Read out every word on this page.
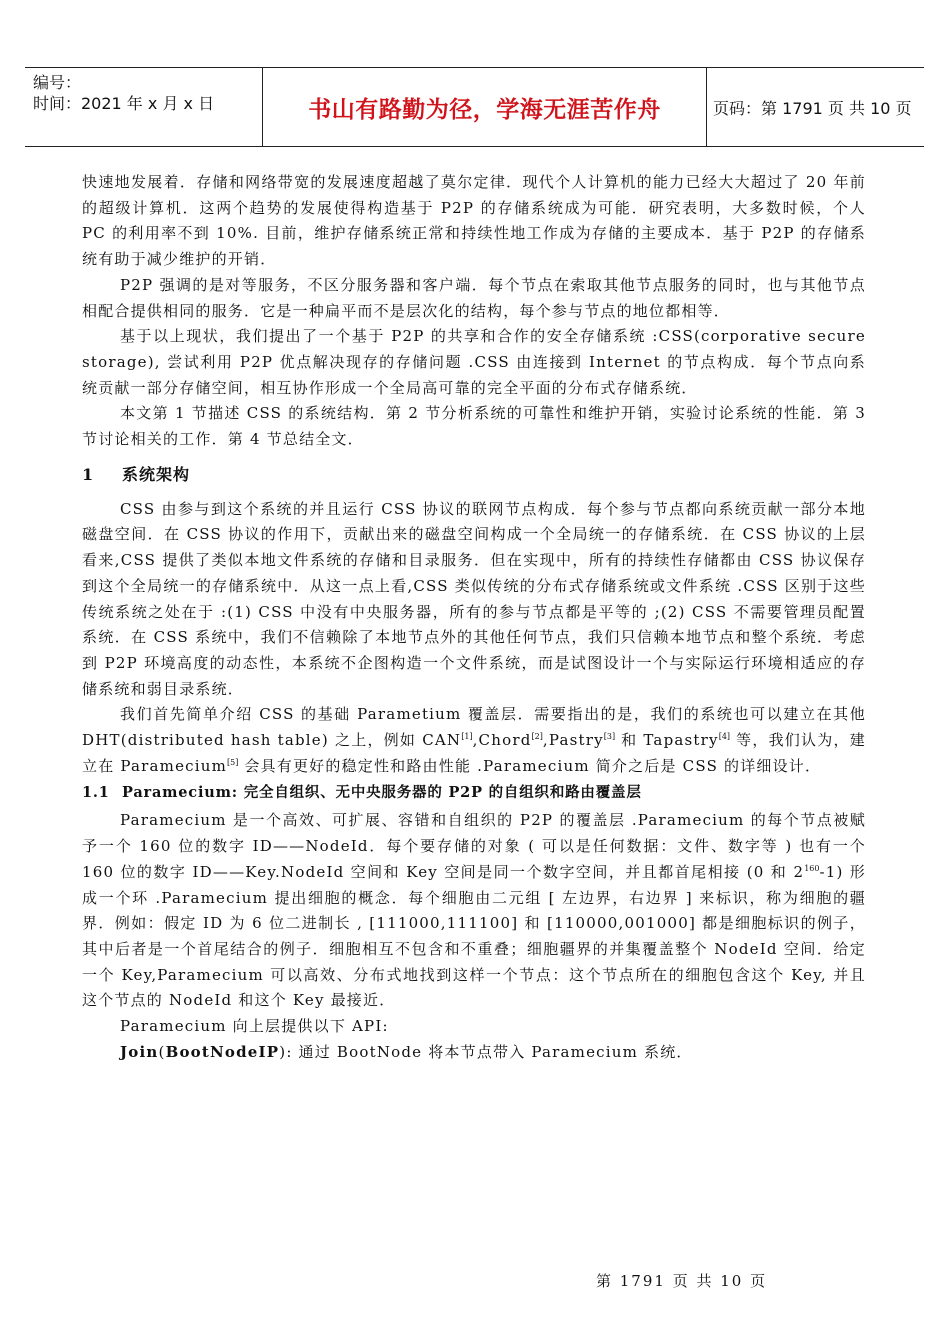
编号：
时间：2021 年 x 月 x 日	书山有路勤为径，学海无涯苦作舟	页码：第 1791 页 共 10 页

快速地发展着．存储和网络带宽的发展速度超越了莫尔定律．现代个人计算机的能力已经大大超过了 20 年前的超级计算机．这两个趋势的发展使得构造基于 P2P 的存储系统成为可能．研究表明，大多数时候，个人 PC 的利用率不到 10%. 目前，维护存储系统正常和持续性地工作成为存储的主要成本．基于 P2P 的存储系统有助于减少维护的开销．

P2P 强调的是对等服务，不区分服务器和客户端．每个节点在索取其他节点服务的同时，也与其他节点相配合提供相同的服务．它是一种扁平而不是层次化的结构，每个参与节点的地位都相等．

基于以上现状，我们提出了一个基于 P2P 的共享和合作的安全存储系统 :CSS(corporative secure storage), 尝试利用 P2P 优点解决现存的存储问题 .CSS 由连接到 Internet 的节点构成．每个节点向系统贡献一部分存储空间，相互协作形成一个全局高可靠的完全平面的分布式存储系统．

本文第 1 节描述 CSS 的系统结构．第 2 节分析系统的可靠性和维护开销，实验讨论系统的性能．第 3 节讨论相关的工作．第 4 节总结全文．

1 系统架构

CSS 由参与到这个系统的并且运行 CSS 协议的联网节点构成．每个参与节点都向系统贡献一部分本地磁盘空间．在 CSS 协议的作用下，贡献出来的磁盘空间构成一个全局统一的存储系统．在 CSS 协议的上层看来,CSS 提供了类似本地文件系统的存储和目录服务．但在实现中，所有的持续性存储都由 CSS 协议保存到这个全局统一的存储系统中．从这一点上看,CSS 类似传统的分布式存储系统或文件系统 .CSS 区别于这些传统系统之处在于 :(1) CSS 中没有中央服务器，所有的参与节点都是平等的 ;(2) CSS 不需要管理员配置系统．在 CSS 系统中，我们不信赖除了本地节点外的其他任何节点，我们只信赖本地节点和整个系统．考虑到 P2P 环境高度的动态性，本系统不企图构造一个文件系统，而是试图设计一个与实际运行环境相适应的存储系统和弱目录系统．

我们首先简单介绍 CSS 的基础 Parametium 覆盖层．需要指出的是，我们的系统也可以建立在其他 DHT(distributed hash table) 之上，例如 CAN[1],Chord[2],Pastry[3] 和 Tapastry[4] 等，我们认为，建立在 Paramecium[5] 会具有更好的稳定性和路由性能 .Paramecium 简介之后是 CSS 的详细设计．

1.1 Paramecium: 完全自组织、无中央服务器的 P2P 的自组织和路由覆盖层

Paramecium 是一个高效、可扩展、容错和自组织的 P2P 的覆盖层 .Paramecium 的每个节点被赋予一个 160 位的数字 ID——NodeId．每个要存储的对象 ( 可以是任何数据：文件、数字等 ) 也有一个 160 位的数字 ID——Key.NodeId 空间和 Key 空间是同一个数字空间，并且都首尾相接 (0 和 $2^{160}-1$) 形成一个环 .Paramecium 提出细胞的概念．每个细胞由二元组 [ 左边界，右边界 ] 来标识，称为细胞的疆界．例如：假定 ID 为 6 位二进制长 , [111000,111100] 和 [110000,001000] 都是细胞标识的例子，其中后者是一个首尾结合的例子．细胞相互不包含和不重叠；细胞疆界的并集覆盖整个 NodeId 空间．给定一个 Key,Paramecium 可以高效、分布式地找到这样一个节点：这个节点所在的细胞包含这个 Key, 并且这个节点的 NodeId 和这个 Key 最接近．

Paramecium 向上层提供以下 API:

Join(BootNodeIP): 通过 BootNode 将本节点带入 Paramecium 系统．

第 1791 页 共 10 页
